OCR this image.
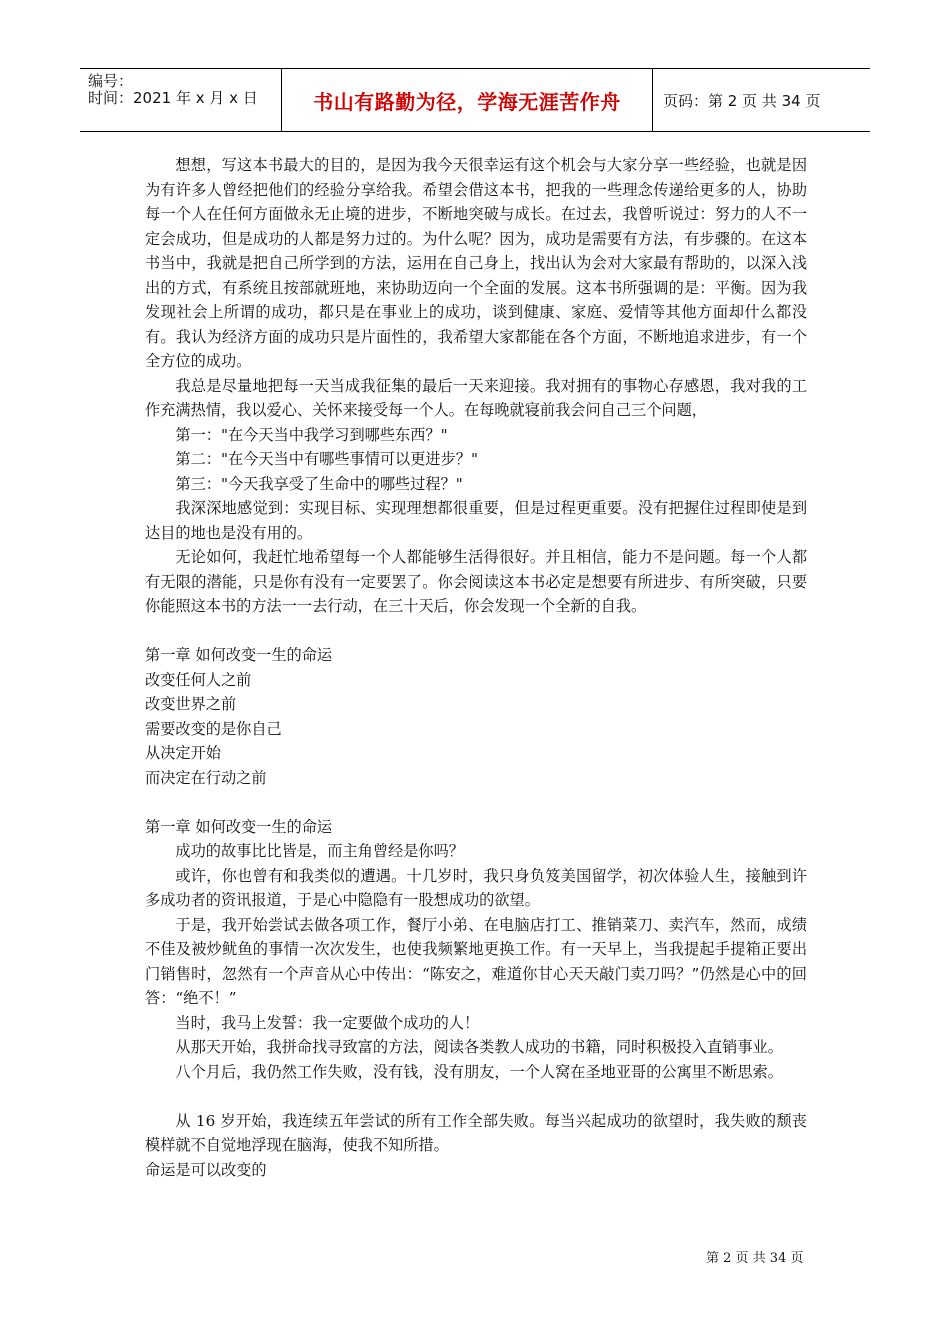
编号：
时间：2021 年 x 月 x 日	书山有路勤为径，学海无涯苦作舟	页码：第 2 页 共 34 页

想想，写这本书最大的目的，是因为我今天很幸运有这个机会与大家分享一些经验，也就是因为有许多人曾经把他们的经验分享给我。希望会借这本书，把我的一些理念传递给更多的人，协助每一个人在任何方面做永无止境的进步，不断地突破与成长。在过去，我曾听说过：努力的人不一定会成功，但是成功的人都是努力过的。为什么呢？因为，成功是需要有方法，有步骤的。在这本书当中，我就是把自己所学到的方法，运用在自己身上，找出认为会对大家最有帮助的，以深入浅出的方式，有系统且按部就班地，来协助迈向一个全面的发展。这本书所强调的是：平衡。因为我发现社会上所谓的成功，都只是在事业上的成功，谈到健康、家庭、爱情等其他方面却什么都没有。我认为经济方面的成功只是片面性的，我希望大家都能在各个方面，不断地追求进步，有一个全方位的成功。

我总是尽量地把每一天当成我征集的最后一天来迎接。我对拥有的事物心存感恩，我对我的工作充满热情，我以爱心、关怀来接受每一个人。在每晚就寝前我会问自己三个问题，

第一："在今天当中我学习到哪些东西？"

第二："在今天当中有哪些事情可以更进步？"

第三："今天我享受了生命中的哪些过程？"

我深深地感觉到：实现目标、实现理想都很重要，但是过程更重要。没有把握住过程即使是到达目的地也是没有用的。

无论如何，我赶忙地希望每一个人都能够生活得很好。并且相信，能力不是问题。每一个人都有无限的潜能，只是你有没有一定要罢了。你会阅读这本书必定是想要有所进步、有所突破，只要你能照这本书的方法一一去行动，在三十天后，你会发现一个全新的自我。

第一章 如何改变一生的命运

改变任何人之前

改变世界之前

需要改变的是你自己

从决定开始

而决定在行动之前

第一章 如何改变一生的命运

成功的故事比比皆是，而主角曾经是你吗？

或许，你也曾有和我类似的遭遇。十几岁时，我只身负笈美国留学，初次体验人生，接触到许多成功者的资讯报道，于是心中隐隐有一股想成功的欲望。

于是，我开始尝试去做各项工作，餐厅小弟、在电脑店打工、推销菜刀、卖汽车，然而，成绩不佳及被炒鱿鱼的事情一次次发生，也使我频繁地更换工作。有一天早上，当我提起手提箱正要出门销售时，忽然有一个声音从心中传出：“陈安之，难道你甘心天天敲门卖刀吗？”仍然是心中的回答：“绝不！”

当时，我马上发誓：我一定要做个成功的人！

从那天开始，我拼命找寻致富的方法，阅读各类教人成功的书籍，同时积极投入直销事业。

八个月后，我仍然工作失败，没有钱，没有朋友，一个人窝在圣地亚哥的公寓里不断思索。

从 16 岁开始，我连续五年尝试的所有工作全部失败。每当兴起成功的欲望时，我失败的颓丧模样就不自觉地浮现在脑海，使我不知所措。

命运是可以改变的

第 2 页 共 34 页
